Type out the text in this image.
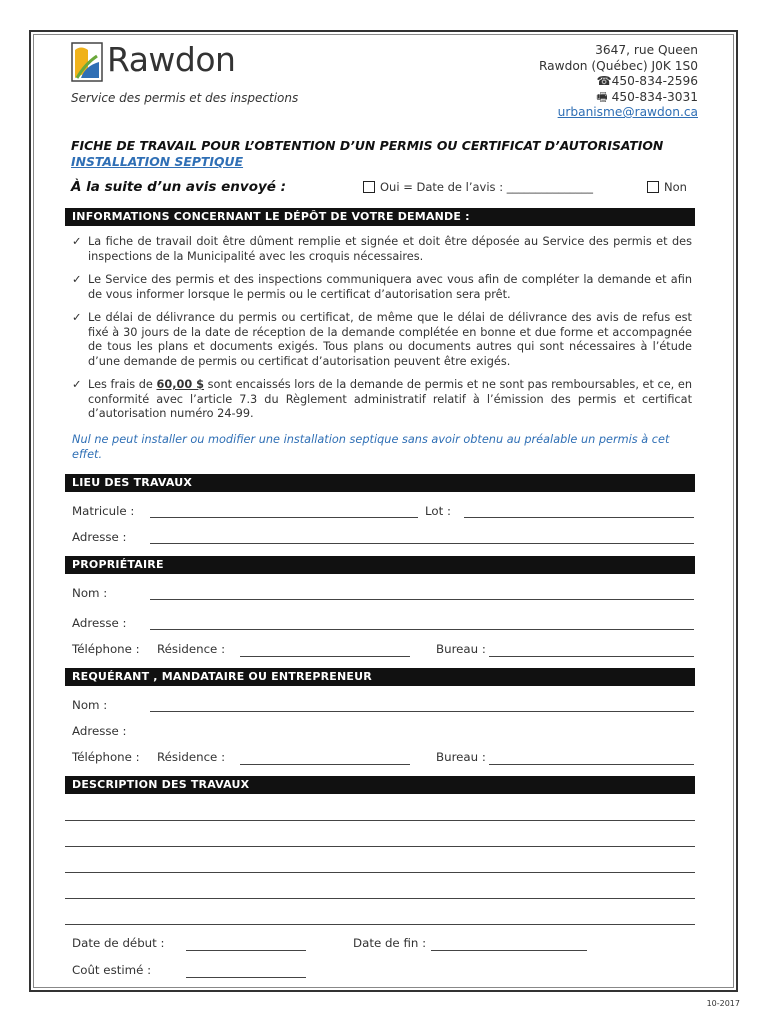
Rawdon
Service des permis et des inspections
3647, rue Queen
Rawdon (Québec) J0K 1S0
☎450-834-2596
🖷 450-834-3031
urbanisme@rawdon.ca
FICHE DE TRAVAIL POUR L’OBTENTION D’UN PERMIS OU CERTIFICAT D’AUTORISATION
INSTALLATION SEPTIQUE
À la suite d’un avis envoyé :	Oui = Date de l’avis : _______________	Non
INFORMATIONS CONCERNANT LE DÉPÔT DE VOTRE DEMANDE :
✓ La fiche de travail doit être dûment remplie et signée et doit être déposée au Service des permis et des inspections de la Municipalité avec les croquis nécessaires.
✓ Le Service des permis et des inspections communiquera avec vous afin de compléter la demande et afin de vous informer lorsque le permis ou le certificat d’autorisation sera prêt.
✓ Le délai de délivrance du permis ou certificat, de même que le délai de délivrance des avis de refus est fixé à 30 jours de la date de réception de la demande complétée en bonne et due forme et accompagnée de tous les plans et documents exigés. Tous plans ou documents autres qui sont nécessaires à l’étude d’une demande de permis ou certificat d’autorisation peuvent être exigés.
✓ Les frais de 60,00 $ sont encaissés lors de la demande de permis et ne sont pas remboursables, et ce, en conformité avec l’article 7.3 du Règlement administratif relatif à l’émission des permis et certificat d’autorisation numéro 24-99.
Nul ne peut installer ou modifier une installation septique sans avoir obtenu au préalable un permis à cet effet.
LIEU DES TRAVAUX
Matricule :	Lot :
Adresse :
PROPRIÉTAIRE
Nom :
Adresse :
Téléphone : Résidence :	Bureau :
REQUÉRANT , MANDATAIRE OU ENTREPRENEUR
Nom :
Adresse :
Téléphone : Résidence :	Bureau :
DESCRIPTION DES TRAVAUX
Date de début :	Date de fin :
Coût estimé :
10-2017
